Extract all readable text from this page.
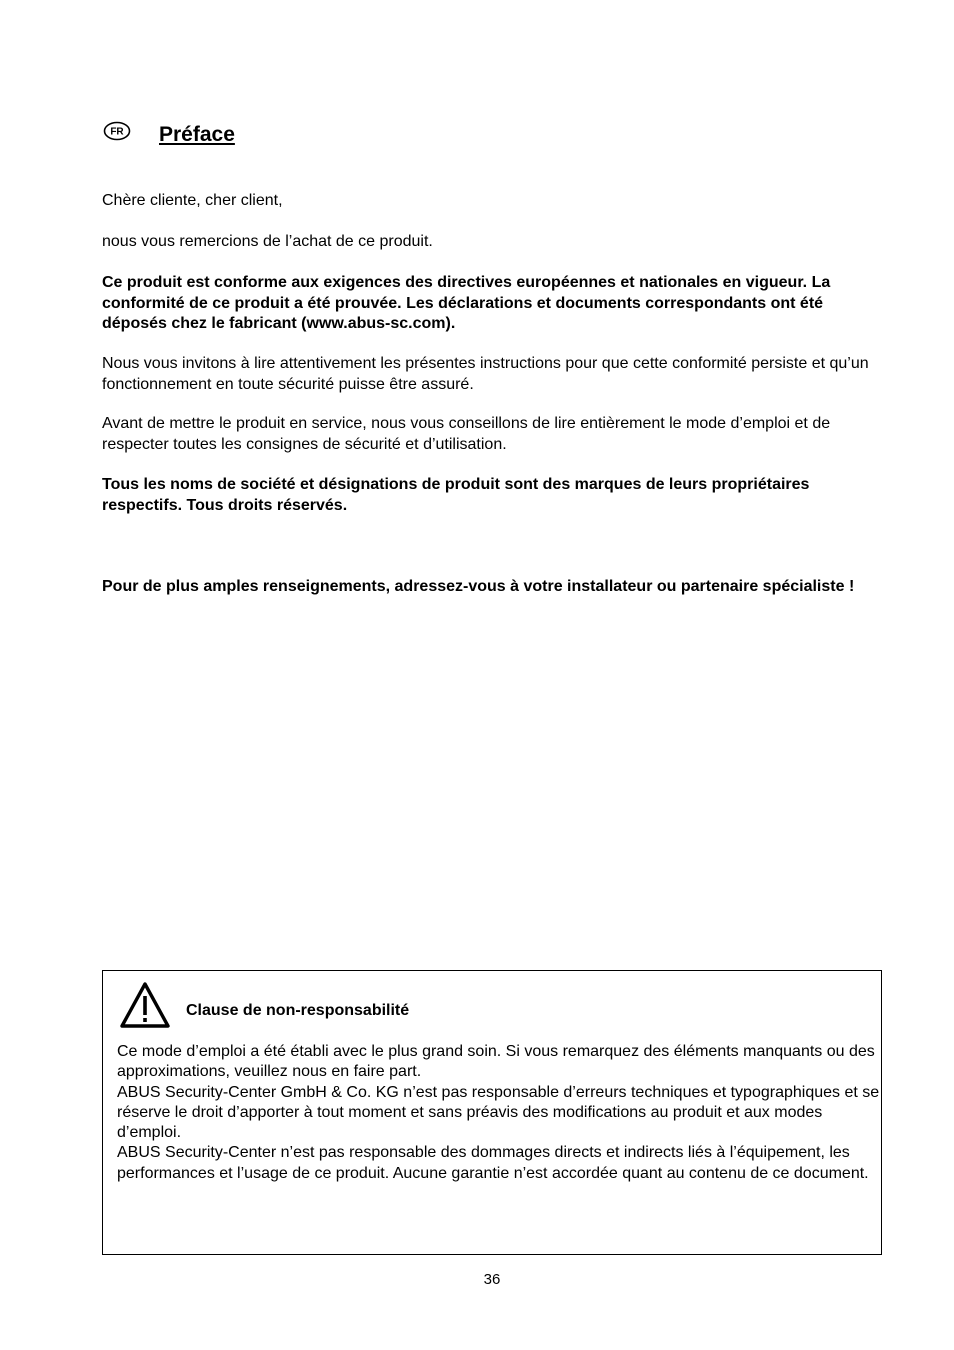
FR Préface

Chère cliente, cher client,

nous vous remercions de l’achat de ce produit.

Ce produit est conforme aux exigences des directives européennes et nationales en vigueur. La conformité de ce produit a été prouvée. Les déclarations et documents correspondants ont été déposés chez le fabricant (www.abus-sc.com).

Nous vous invitons à lire attentivement les présentes instructions pour que cette conformité persiste et qu’un fonctionnement en toute sécurité puisse être assuré.

Avant de mettre le produit en service, nous vous conseillons de lire entièrement le mode d’emploi et de respecter toutes les consignes de sécurité et d’utilisation.

Tous les noms de société et désignations de produit sont des marques de leurs propriétaires respectifs. Tous droits réservés.

Pour de plus amples renseignements, adressez-vous à votre installateur ou partenaire spécialiste !

Clause de non-responsabilité
Ce mode d’emploi a été établi avec le plus grand soin. Si vous remarquez des éléments manquants ou des approximations, veuillez nous en faire part.
ABUS Security-Center GmbH & Co. KG n’est pas responsable d’erreurs techniques et typographiques et se réserve le droit d’apporter à tout moment et sans préavis des modifications au produit et aux modes d’emploi.
ABUS Security-Center n’est pas responsable des dommages directs et indirects liés à l’équipement, les performances et l’usage de ce produit. Aucune garantie n’est accordée quant au contenu de ce document.
36
